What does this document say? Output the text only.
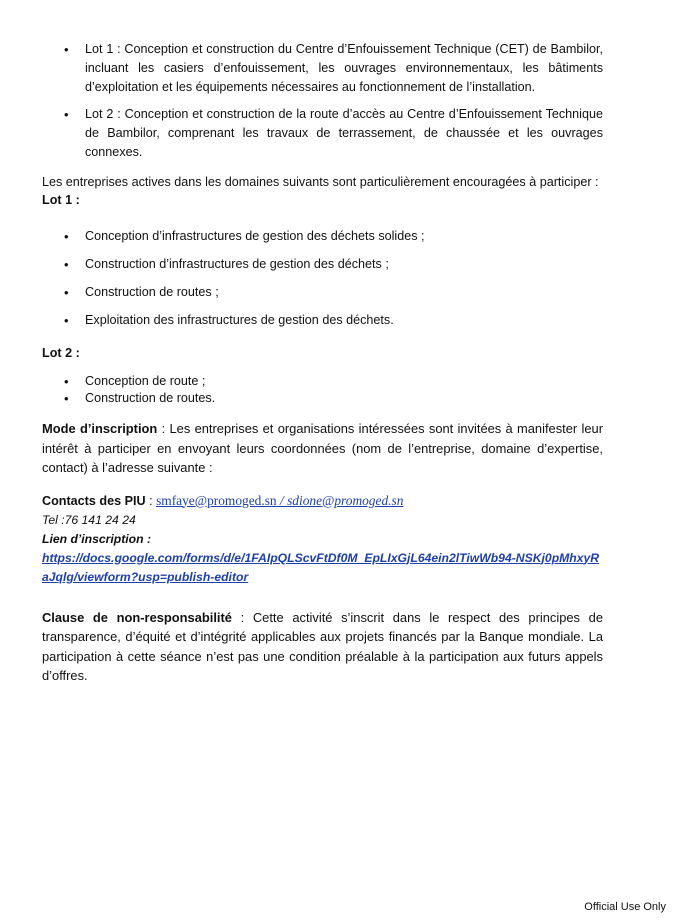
• Lot 1 : Conception et construction du Centre d’Enfouissement Technique (CET) de Bambilor, incluant les casiers d’enfouissement, les ouvrages environnementaux, les bâtiments d’exploitation et les équipements nécessaires au fonctionnement de l’installation.
• Lot 2 : Conception et construction de la route d’accès au Centre d’Enfouissement Technique de Bambilor, comprenant les travaux de terrassement, de chaussée et les ouvrages connexes.

Les entreprises actives dans les domaines suivants sont particulièrement encouragées à participer :

Lot 1 :

• Conception d’infrastructures de gestion des déchets solides ;
• Construction d’infrastructures de gestion des déchets ;
• Construction de routes ;
• Exploitation des infrastructures de gestion des déchets.

Lot 2 :

• Conception de route ;
• Construction de routes.

Mode d’inscription : Les entreprises et organisations intéressées sont invitées à manifester leur intérêt à participer en envoyant leurs coordonnées (nom de l’entreprise, domaine d’expertise, contact) à l’adresse suivante :

Contacts des PIU : smfaye@promoged.sn / sdione@promoged.sn
Tel :76 141 24 24
Lien d’inscription :
https://docs.google.com/forms/d/e/1FAIpQLScvFtDf0M_EpLIxGjL64ein2lTiwWb94-NSKj0pMhxyRaJqlg/viewform?usp=publish-editor

Clause de non-responsabilité : Cette activité s’inscrit dans le respect des principes de transparence, d’équité et d’intégrité applicables aux projets financés par la Banque mondiale. La participation à cette séance n’est pas une condition préalable à la participation aux futurs appels d’offres.

Official Use Only
